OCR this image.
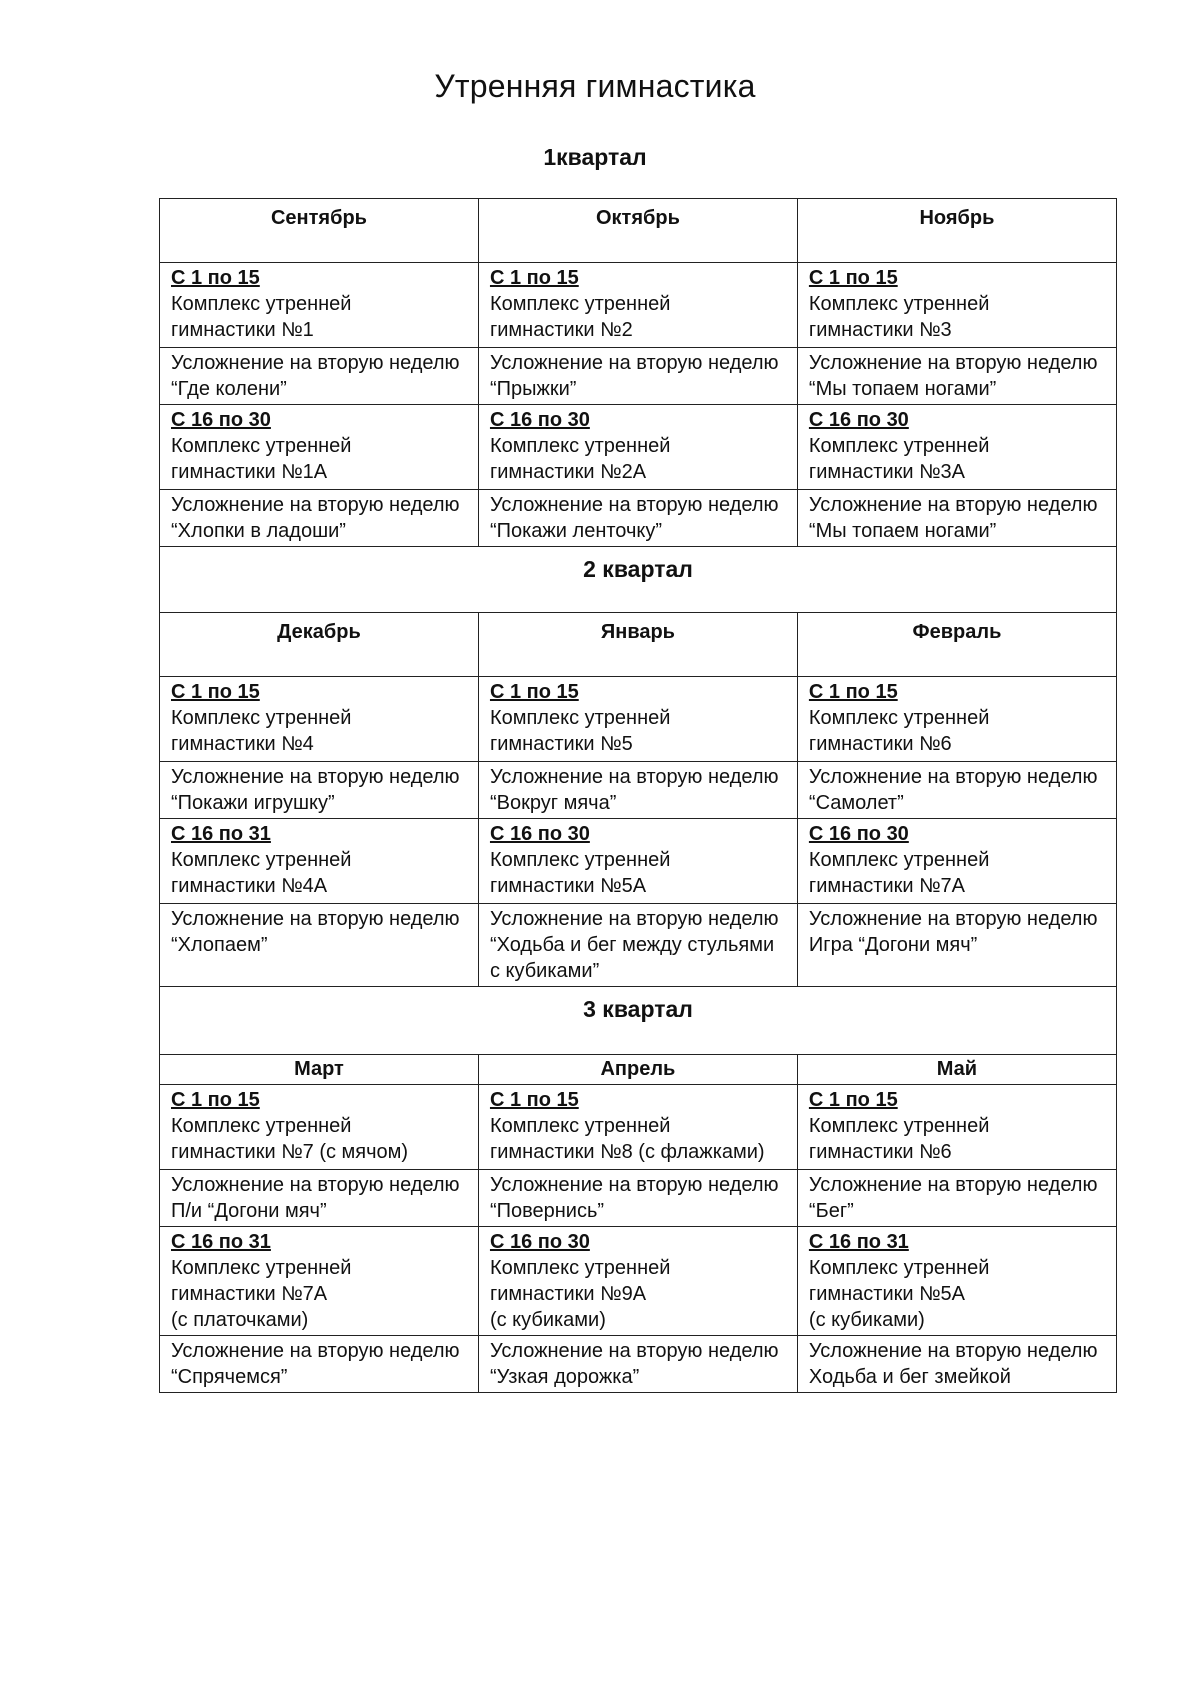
Утренняя гимнастика
1квартал
Сентябрь	Октябрь	Ноябрь

С 1 по 15
Комплекс утренней
гимнастики №1	С 1 по 15
Комплекс утренней
гимнастики №2	С 1 по 15
Комплекс утренней
гимнастики №3

Усложнение на вторую неделю
“Где колени”	Усложнение на вторую неделю
“Прыжки”	Усложнение на вторую неделю
“Мы топаем ногами”

С 16 по 30
Комплекс утренней
гимнастики №1А	С 16 по 30
Комплекс утренней
гимнастики №2А	С 16 по 30
Комплекс утренней
гимнастики №3А

Усложнение на вторую неделю
“Хлопки в ладоши”	Усложнение на вторую неделю
“Покажи ленточку”	Усложнение на вторую неделю
“Мы топаем ногами”

2 квартал		
Декабрь	Январь	Февраль

С 1 по 15
Комплекс утренней
гимнастики №4	С 1 по 15
Комплекс утренней
гимнастики №5	С 1 по 15
Комплекс утренней
гимнастики №6

Усложнение на вторую неделю
“Покажи игрушку”	Усложнение на вторую неделю
“Вокруг мяча”	Усложнение на вторую неделю
“Самолет”

С 16 по 31
Комплекс утренней
гимнастики №4А	С 16 по 30
Комплекс утренней
гимнастики №5А	С 16 по 30
Комплекс утренней
гимнастики №7А

Усложнение на вторую неделю
“Хлопаем”	Усложнение на вторую неделю
“Ходьба и бег между стульями
с кубиками”	Усложнение на вторую неделю
Игра “Догони мяч”

3 квартал		
Март	Апрель	Май

С 1 по 15
Комплекс утренней
гимнастики №7 (с мячом)	С 1 по 15
Комплекс утренней
гимнастики №8 (с флажками)	С 1 по 15
Комплекс утренней
гимнастики №6

Усложнение на вторую неделю
П/и “Догони мяч”	Усложнение на вторую неделю
“Повернись”	Усложнение на вторую неделю
“Бег”

С 16 по 31
Комплекс утренней
гимнастики №7А
(с платочками)	С 16 по 30
Комплекс утренней
гимнастики №9А
(с кубиками)	С 16 по 31
Комплекс утренней
гимнастики №5А
(с кубиками)

Усложнение на вторую неделю
“Спрячемся”	Усложнение на вторую неделю
“Узкая дорожка”	Усложнение на вторую неделю
Ходьба и бег змейкой
